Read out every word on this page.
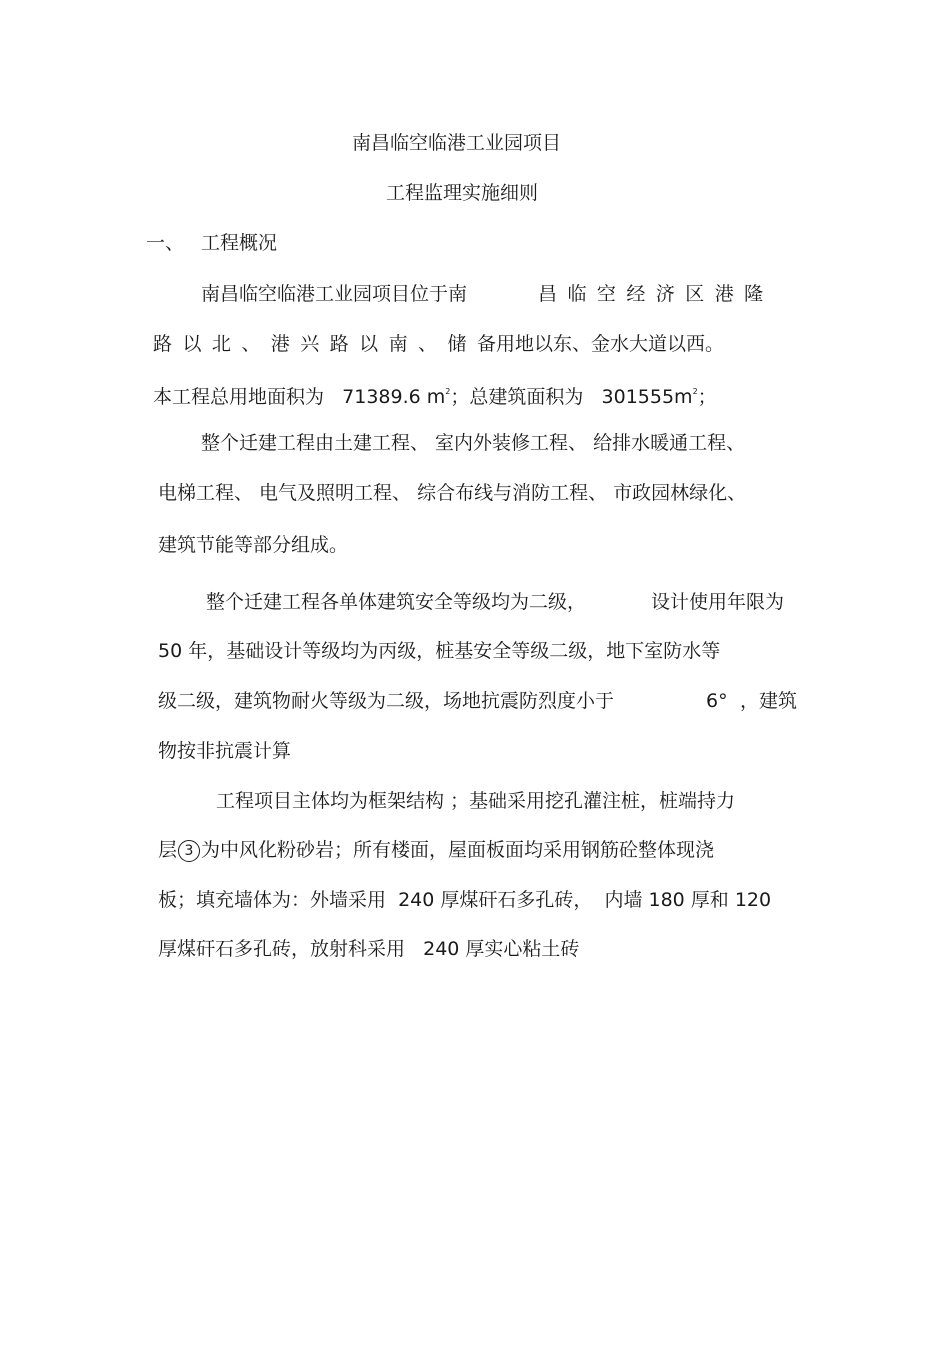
南昌临空临港工业园项目

工程监理实施细则

一、 工程概况

南昌临空临港工业园项目位于南	昌临空经济区港隆

路以北、港兴路以南、储备用地以东、金水大道以西。

本工程总用地面积为 71389.6 $m^2$；总建筑面积为 $301555m^2$；

整个迁建工程由土建工程、 室内外装修工程、 给排水暖通工程、

电梯工程、 电气及照明工程、 综合布线与消防工程、 市政园林绿化、

建筑节能等部分组成。

整个迁建工程各单体建筑安全等级均为二级，	设计使用年限为

50 年，基础设计等级均为丙级，桩基安全等级二级，地下室防水等

级二级，建筑物耐火等级为二级，场地抗震防烈度小于	6° ，建筑

物按非抗震计算

工程项目主体均为框架结构 ；基础采用挖孔灌注桩，桩端持力

层 3 为中风化粉砂岩；所有楼面，屋面板面均采用钢筋砼整体现浇

板；填充墙体为：外墙采用  240 厚煤矸石多孔砖，  内墙 180 厚和 120

厚煤矸石多孔砖，放射科采用   240 厚实心粘土砖
